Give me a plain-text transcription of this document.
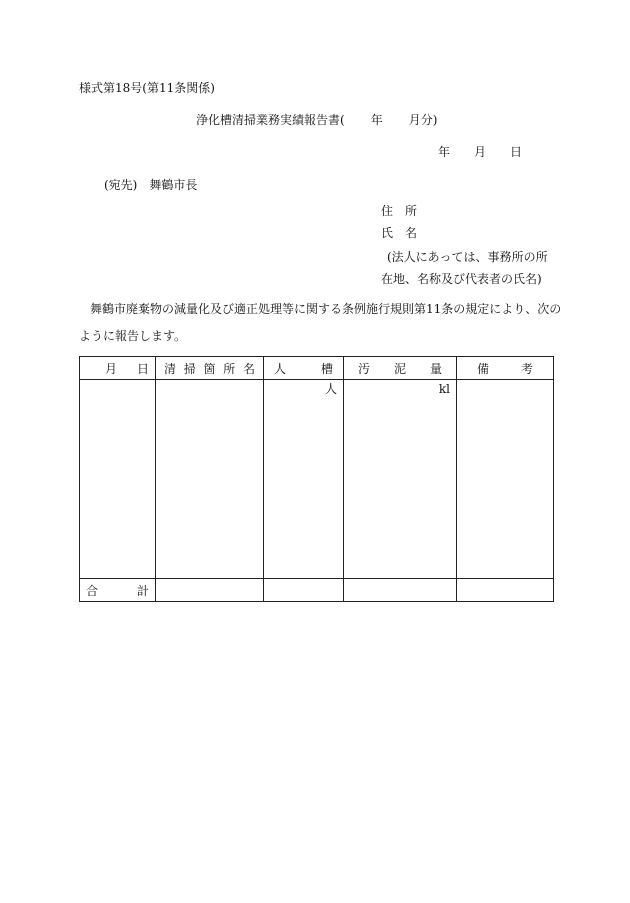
様式第18号(第11条関係)
浄化槽清掃業務実績報告書( 年 月分)
年 月 日
(宛先)　舞鶴市長
住　所
氏　名
(法人にあっては、事務所の所
在地、名称及び代表者の氏名)
舞鶴市廃棄物の減量化及び適正処理等に関する条例施行規則第11条の規定により、次の
ように報告します。
月 日	清 掃 箇 所 名	人 槽	汚 泥 量	備 考

		人	kl	

合 計				
